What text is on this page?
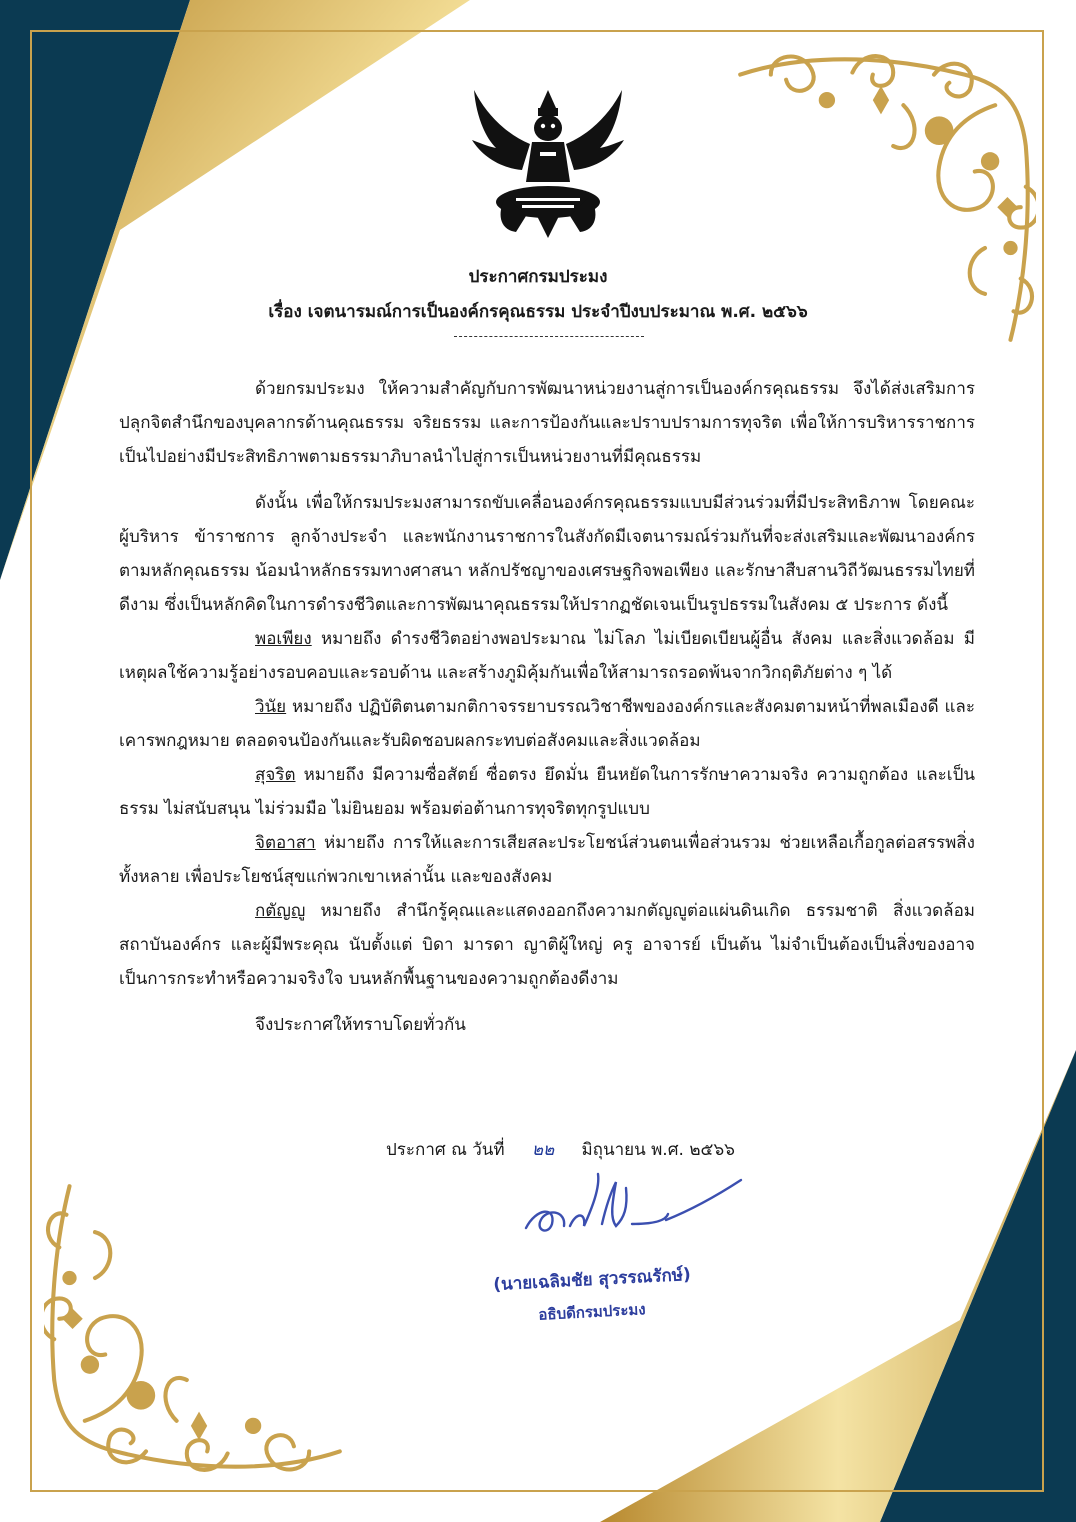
ประกาศกรมประมง
เรื่อง เจตนารมณ์การเป็นองค์กรคุณธรรม ประจำปีงบประมาณ พ.ศ. ๒๕๖๖

ด้วยกรมประมง ให้ความสำคัญกับการพัฒนาหน่วยงานสู่การเป็นองค์กรคุณธรรม จึงได้ส่งเสริมการปลุกจิตสำนึกของบุคลากรด้านคุณธรรม จริยธรรม และการป้องกันและปราบปรามการทุจริต เพื่อให้การบริหารราชการเป็นไปอย่างมีประสิทธิภาพตามธรรมาภิบาลนำไปสู่การเป็นหน่วยงานที่มีคุณธรรม

ดังนั้น เพื่อให้กรมประมงสามารถขับเคลื่อนองค์กรคุณธรรมแบบมีส่วนร่วมที่มีประสิทธิภาพ โดยคณะผู้บริหาร ข้าราชการ ลูกจ้างประจำ และพนักงานราชการในสังกัดมีเจตนารมณ์ร่วมกันที่จะส่งเสริมและพัฒนาองค์กรตามหลักคุณธรรม น้อมนำหลักธรรมทางศาสนา หลักปรัชญาของเศรษฐกิจพอเพียง และรักษาสืบสานวิถีวัฒนธรรมไทยที่ดีงาม ซึ่งเป็นหลักคิดในการดำรงชีวิตและการพัฒนาคุณธรรมให้ปรากฏชัดเจนเป็นรูปธรรมในสังคม ๕ ประการ ดังนี้

พอเพียง หมายถึง ดำรงชีวิตอย่างพอประมาณ ไม่โลภ ไม่เบียดเบียนผู้อื่น สังคม และสิ่งแวดล้อม มีเหตุผลใช้ความรู้อย่างรอบคอบและรอบด้าน และสร้างภูมิคุ้มกันเพื่อให้สามารถรอดพ้นจากวิกฤติภัยต่าง ๆ ได้

วินัย หมายถึง ปฏิบัติตนตามกติกาจรรยาบรรณวิชาชีพขององค์กรและสังคมตามหน้าที่พลเมืองดี และเคารพกฎหมาย ตลอดจนป้องกันและรับผิดชอบผลกระทบต่อสังคมและสิ่งแวดล้อม

สุจริต หมายถึง มีความซื่อสัตย์ ซื่อตรง ยึดมั่น ยืนหยัดในการรักษาความจริง ความถูกต้อง และเป็นธรรม ไม่สนับสนุน ไม่ร่วมมือ ไม่ยินยอม พร้อมต่อต้านการทุจริตทุกรูปแบบ

จิตอาสา ห่มายถึง การให้และการเสียสละประโยชน์ส่วนตนเพื่อส่วนรวม ช่วยเหลือเกื้อกูลต่อสรรพสิ่งทั้งหลาย เพื่อประโยชน์สุขแก่พวกเขาเหล่านั้น และของสังคม

กตัญญู หมายถึง สำนึกรู้คุณและแสดงออกถึงความกตัญญูต่อแผ่นดินเกิด ธรรมชาติ สิ่งแวดล้อม สถาบันองค์กร และผู้มีพระคุณ นับตั้งแต่ บิดา มารดา ญาติผู้ใหญ่ ครู อาจารย์ เป็นต้น ไม่จำเป็นต้องเป็นสิ่งของอาจเป็นการกระทำหรือความจริงใจ บนหลักพื้นฐานของความถูกต้องดีงาม

จึงประกาศให้ทราบโดยทั่วกัน

ประกาศ ณ วันที่ ๒๒ มิถุนายน พ.ศ. ๒๕๖๖
(นายเฉลิมชัย สุวรรณรักษ์)
อธิบดีกรมประมง
